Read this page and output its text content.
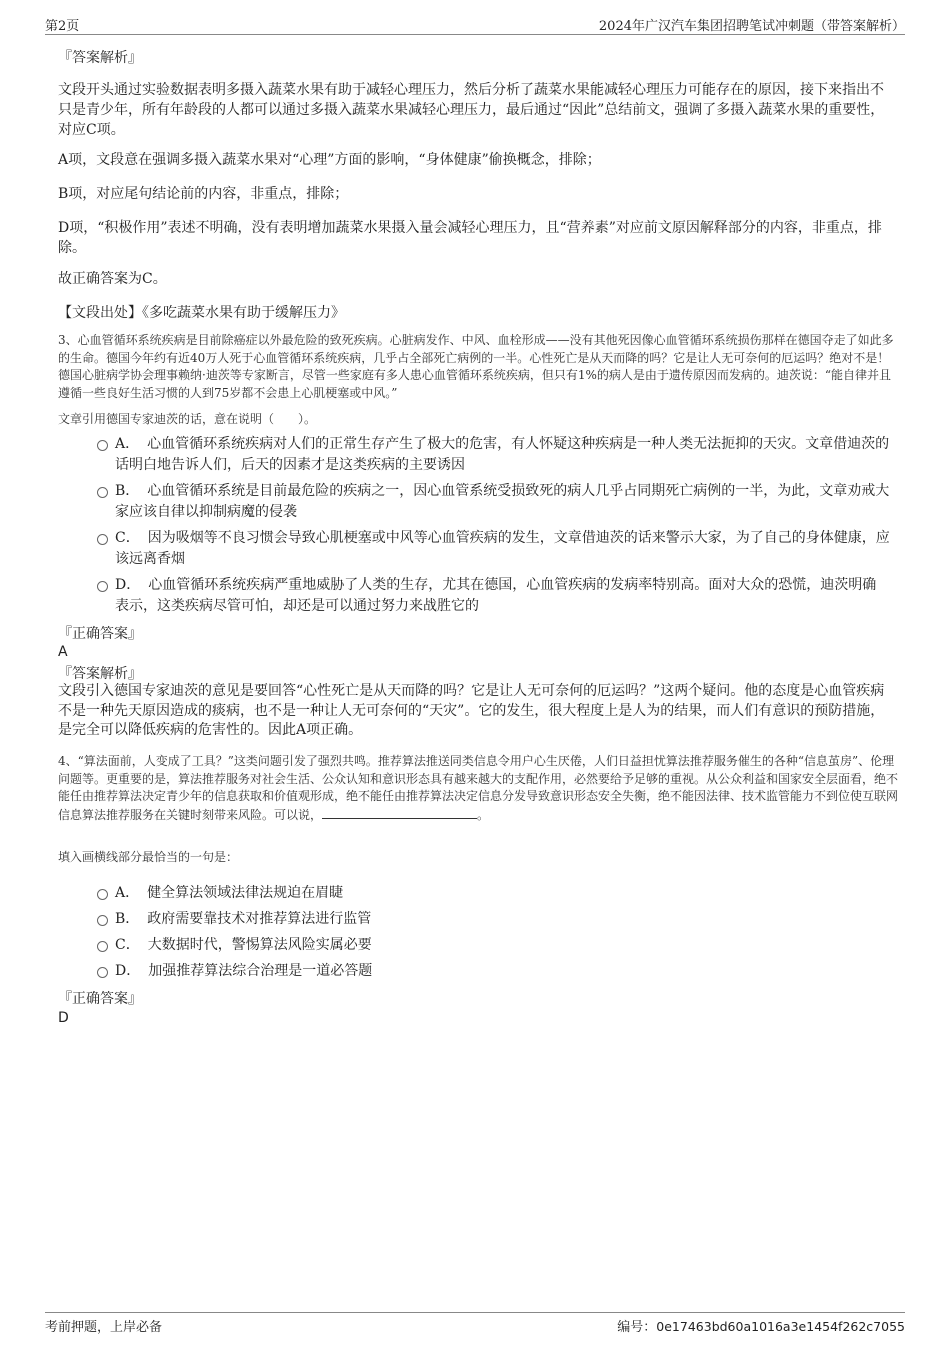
第2页	2024年广汉汽车集团招聘笔试冲刺题（带答案解析）

『答案解析』

文段开头通过实验数据表明多摄入蔬菜水果有助于减轻心理压力，然后分析了蔬菜水果能减轻心理压力可能存在的原因，接下来指出不只是青少年，所有年龄段的人都可以通过多摄入蔬菜水果减轻心理压力，最后通过“因此”总结前文，强调了多摄入蔬菜水果的重要性，对应C项。

A项，文段意在强调多摄入蔬菜水果对“心理”方面的影响，“身体健康”偷换概念，排除；

B项，对应尾句结论前的内容，非重点，排除；

D项，“积极作用”表述不明确，没有表明增加蔬菜水果摄入量会减轻心理压力，且“营养素”对应前文原因解释部分的内容，非重点，排除。

故正确答案为C。

【文段出处】《多吃蔬菜水果有助于缓解压力》

3、心血管循环系统疾病是目前除癌症以外最危险的致死疾病。心脏病发作、中风、血栓形成——没有其他死因像心血管循环系统损伤那样在德国夺走了如此多的生命。德国今年约有近40万人死于心血管循环系统疾病，几乎占全部死亡病例的一半。心性死亡是从天而降的吗？它是让人无可奈何的厄运吗？绝对不是！德国心脏病学协会理事赖纳·迪茨等专家断言，尽管一些家庭有多人患心血管循环系统疾病，但只有1%的病人是由于遗传原因而发病的。迪茨说：“能自律并且遵循一些良好生活习惯的人到75岁都不会患上心肌梗塞或中风。”
文章引用德国专家迪茨的话，意在说明（　　）。
A． 心血管循环系统疾病对人们的正常生存产生了极大的危害，有人怀疑这种疾病是一种人类无法扼抑的天灾。文章借迪茨的话明白地告诉人们，后天的因素才是这类疾病的主要诱因
B． 心血管循环系统是目前最危险的疾病之一，因心血管系统受损致死的病人几乎占同期死亡病例的一半，为此，文章劝戒大家应该自律以抑制病魔的侵袭
C． 因为吸烟等不良习惯会导致心肌梗塞或中风等心血管疾病的发生，文章借迪茨的话来警示大家，为了自己的身体健康，应该远离香烟
D． 心血管循环系统疾病严重地威胁了人类的生存，尤其在德国，心血管疾病的发病率特别高。面对大众的恐慌，迪茨明确表示，这类疾病尽管可怕，却还是可以通过努力来战胜它的

『正确答案』

A

『答案解析』

文段引入德国专家迪茨的意见是要回答“心性死亡是从天而降的吗？它是让人无可奈何的厄运吗？”这两个疑问。他的态度是心血管疾病不是一种先天原因造成的痰病，也不是一种让人无可奈何的“天灾”。它的发生，很大程度上是人为的结果，而人们有意识的预防措施，是完全可以降低疾病的危害性的。因此A项正确。

4、“算法面前，人变成了工具？”这类问题引发了强烈共鸣。推荐算法推送同类信息令用户心生厌倦，人们日益担忧算法推荐服务催生的各种“信息茧房”、伦理问题等。更重要的是，算法推荐服务对社会生活、公众认知和意识形态具有越来越大的支配作用，必然要给予足够的重视。从公众利益和国家安全层面看，绝不能任由推荐算法决定青少年的信息获取和价值观形成，绝不能任由推荐算法决定信息分发导致意识形态安全失衡，绝不能因法律、技术监管能力不到位使互联网信息算法推荐服务在关键时刻带来风险。可以说，	。
填入画横线部分最恰当的一句是：
A． 健全算法领域法律法规迫在眉睫
B． 政府需要靠技术对推荐算法进行监管
C． 大数据时代，警惕算法风险实属必要
D． 加强推荐算法综合治理是一道必答题

『正确答案』

D

考前押题，上岸必备	编号：0e17463bd60a1016a3e1454f262c7055
